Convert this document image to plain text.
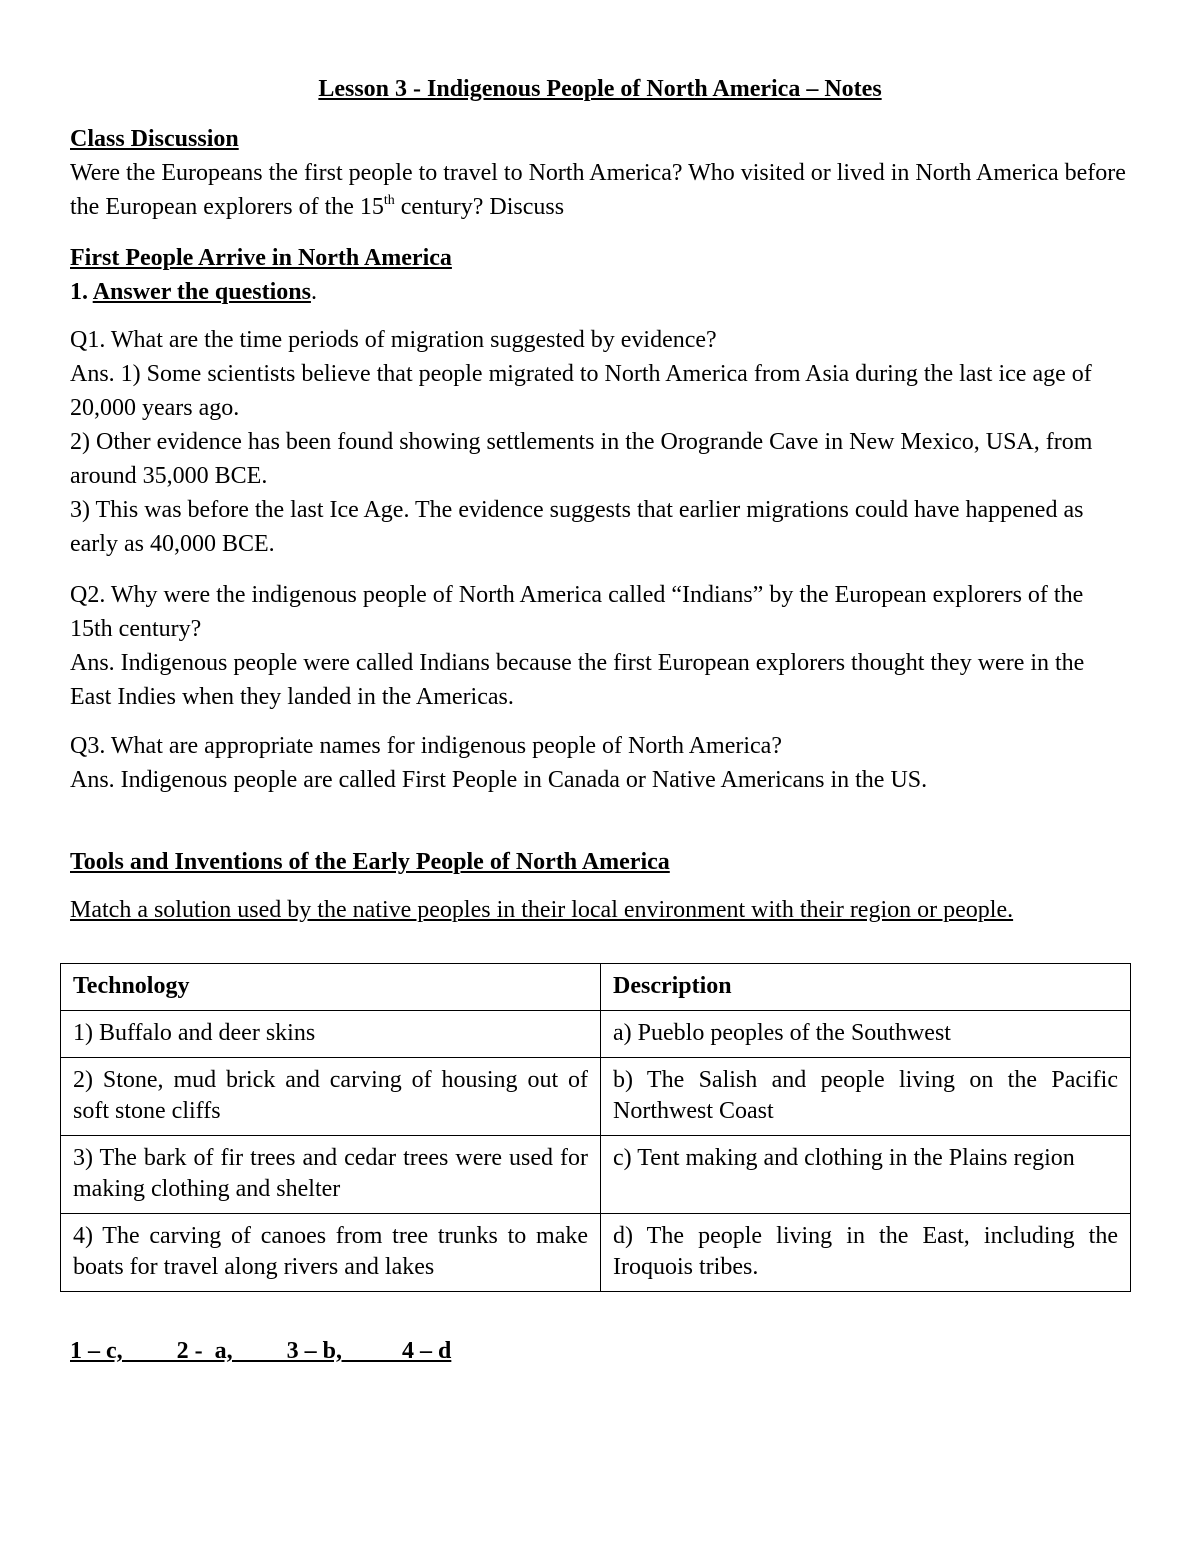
Lesson 3 - Indigenous People of North America – Notes

Class Discussion

Were the Europeans the first people to travel to North America? Who visited or lived in North America before the European explorers of the 15th century? Discuss

First People Arrive in North America

1. Answer the questions.

Q1. What are the time periods of migration suggested by evidence?

Ans. 1) Some scientists believe that people migrated to North America from Asia during the last ice age of 20,000 years ago.

2) Other evidence has been found showing settlements in the Orogrande Cave in New Mexico, USA, from around 35,000 BCE.

3) This was before the last Ice Age. The evidence suggests that earlier migrations could have happened as early as 40,000 BCE.

Q2. Why were the indigenous people of North America called “Indians” by the European explorers of the 15th century?

Ans. Indigenous people were called Indians because the first European explorers thought they were in the East Indies when they landed in the Americas.

Q3. What are appropriate names for indigenous people of North America?

Ans. Indigenous people are called First People in Canada or Native Americans in the US.

Tools and Inventions of the Early People of North America

Match a solution used by the native peoples in their local environment with their region or people.

Technology	Description
1) Buffalo and deer skins	a) Pueblo peoples of the Southwest
2) Stone, mud brick and carving of housing out of soft stone cliffs	b) The Salish and people living on the Pacific Northwest Coast
3) The bark of fir trees and cedar trees were used for making clothing and shelter	c) Tent making and clothing in the Plains region
4) The carving of canoes from tree trunks to make boats for travel along rivers and lakes	d) The people living in the East, including the Iroquois tribes.
1 – c,         2 -  a,         3 – b,          4 – d
